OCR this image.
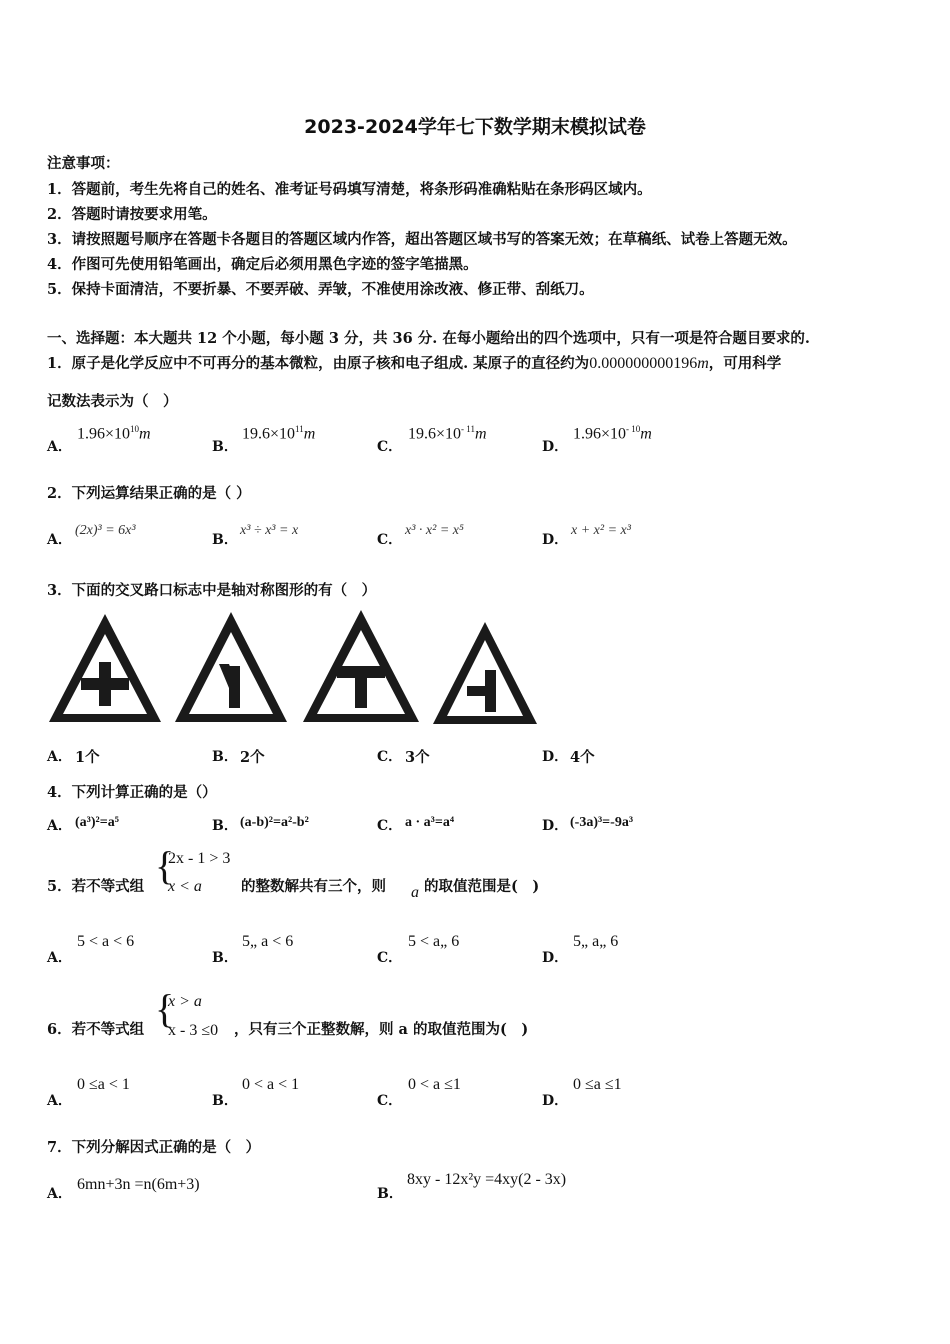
2023-2024学年七下数学期末模拟试卷
注意事项：
1．答题前，考生先将自己的姓名、准考证号码填写清楚，将条形码准确粘贴在条形码区域内。
2．答题时请按要求用笔。
3．请按照题号顺序在答题卡各题目的答题区域内作答，超出答题区域书写的答案无效；在草稿纸、试卷上答题无效。
4．作图可先使用铅笔画出，确定后必须用黑色字迹的签字笔描黑。
5．保持卡面清洁，不要折暴、不要弄破、弄皱，不准使用涂改液、修正带、刮纸刀。
一、选择题：本大题共 12 个小题，每小题 3 分，共 36 分. 在每小题给出的四个选项中，只有一项是符合题目要求的.
1．原子是化学反应中不可再分的基本微粒，由原子核和电子组成. 某原子的直径约为0.000000000196m，可用科学
记数法表示为（　）
A．
$1.96\times 10^{10}m$
B．
$19.6\times 10^{11}m$
C．
$19.6\times 10^{- 11}m$
D．
$1.96\times 10^{- 10}m$
2．下列运算结果正确的是（ ）
A．
(2x)³ = 6x³
B．
x³ ÷ x³ = x
C．
x³ · x² = x⁵
D．
x + x² = x³
3．下面的交叉路口标志中是轴对称图形的有（　）
A． 1个	B． 2个	C． 3个	D． 4个
4．下列计算正确的是（）
A． (a³)²=a⁵	B． (a-b)²=a²-b²	C． a · a³=a⁴	D． (-3a)³=-9a³
5．若不等式组 {
2x - 1 > 3
x < a	的整数解共有三个，则 a 的取值范围是(　)
A．
5 < a < 6
B．
5„ a < 6
C．
5 < a„ 6
D．
5„ a„ 6
6．若不等式组 {
x > a
x - 3 ≤0 ，只有三个正整数解，则 a 的取值范围为(　)
A．
0 ≤a < 1
B．
0 < a < 1
C．
0 < a ≤1
D．
0 ≤a ≤1
7．下列分解因式正确的是（　）
A．
6mn+3n =n(6m+3)
B．
8xy - 12x²y =4xy(2 - 3x)
